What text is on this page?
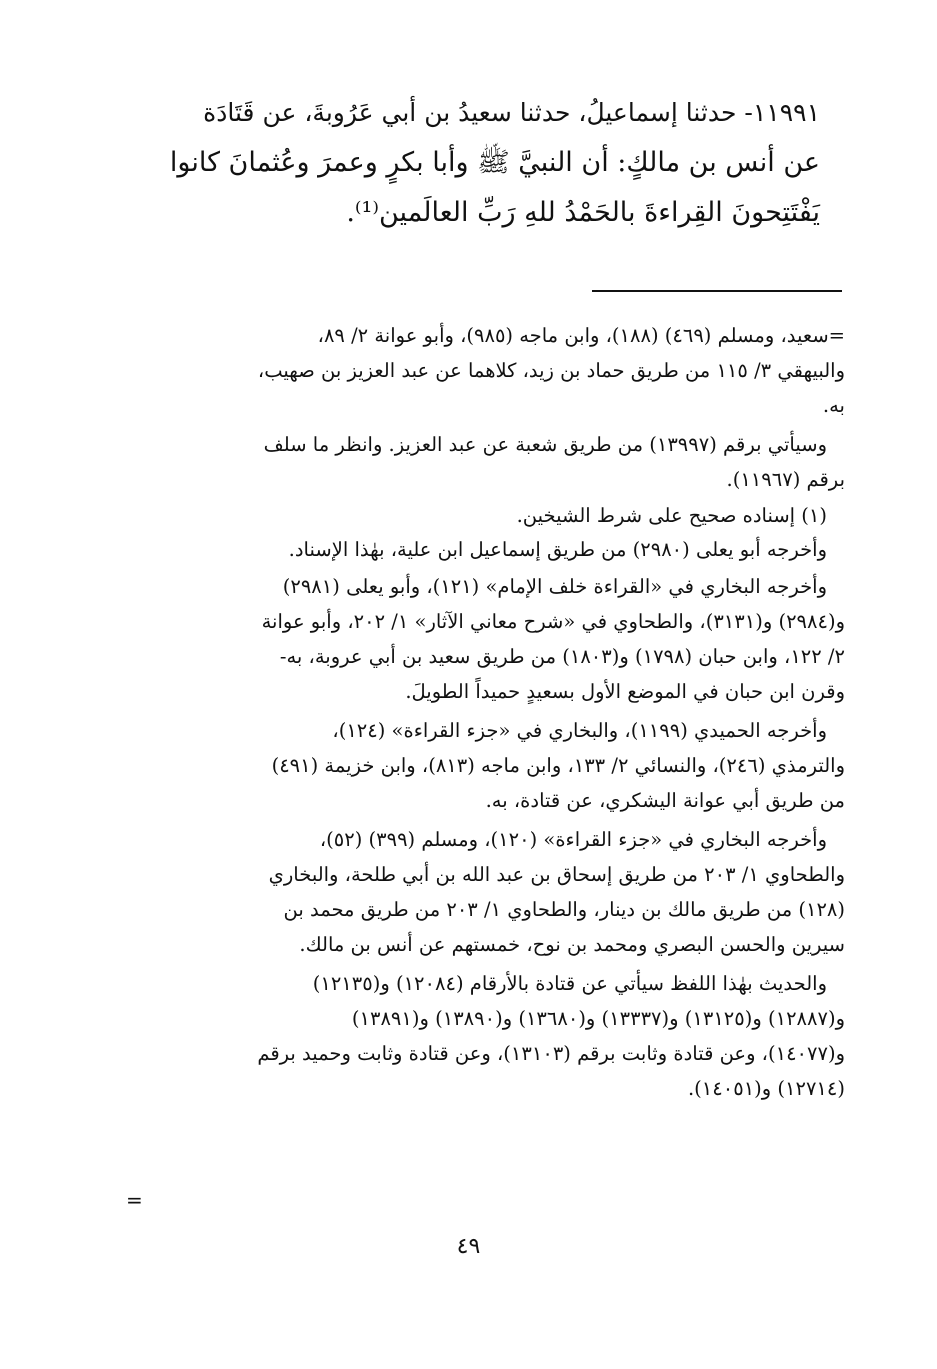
١١٩٩١- حدثنا إسماعيلُ، حدثنا سعيدُ بن أبي عَرُوبةَ، عن قَتَادَة
عن أنس بن مالكٍ: أن النبيَّ ﷺ وأبا بكرٍ وعمرَ وعُثمانَ كانوا
يَفْتَتِحونَ القِراءةَ بالحَمْدُ للهِ رَبِّ العالَمين⁽¹⁾.
=سعيد، ومسلم (٤٦٩) (١٨٨)، وابن ماجه (٩٨٥)، وأبو عوانة ٢/ ٨٩،
والبيهقي ٣/ ١١٥ من طريق حماد بن زيد، كلاهما عن عبد العزيز بن صهيب،
به.
وسيأتي برقم (١٣٩٩٧) من طريق شعبة عن عبد العزيز. وانظر ما سلف
برقم (١١٩٦٧).
(١) إسناده صحيح على شرط الشيخين.
وأخرجه أبو يعلى (٢٩٨٠) من طريق إسماعيل ابن علية، بهٰذا الإسناد.
وأخرجه البخاري في «القراءة خلف الإمام» (١٢١)، وأبو يعلى (٢٩٨١)
و(٢٩٨٤) و(٣١٣١)، والطحاوي في «شرح معاني الآثار» ١/ ٢٠٢، وأبو عوانة
٢/ ١٢٢، وابن حبان (١٧٩٨) و(١٨٠٣) من طريق سعيد بن أبي عروبة، به-
وقرن ابن حبان في الموضع الأول بسعيدٍ حميداً الطويلَ.
وأخرجه الحميدي (١١٩٩)، والبخاري في «جزء القراءة» (١٢٤)،
والترمذي (٢٤٦)، والنسائي ٢/ ١٣٣، وابن ماجه (٨١٣)، وابن خزيمة (٤٩١)
من طريق أبي عوانة اليشكري، عن قتادة، به.
وأخرجه البخاري في «جزء القراءة» (١٢٠)، ومسلم (٣٩٩) (٥٢)،
والطحاوي ١/ ٢٠٣ من طريق إسحاق بن عبد الله بن أبي طلحة، والبخاري
(١٢٨) من طريق مالك بن دينار، والطحاوي ١/ ٢٠٣ من طريق محمد بن
سيرين والحسن البصري ومحمد بن نوح، خمستهم عن أنس بن مالك.
والحديث بهٰذا اللفظ سيأتي عن قتادة بالأرقام (١٢٠٨٤) و(١٢١٣٥)
و(١٢٨٨٧) و(١٣١٢٥) و(١٣٣٣٧) و(١٣٦٨٠) و(١٣٨٩٠) و(١٣٨٩١)
و(١٤٠٧٧)، وعن قتادة وثابت برقم (١٣١٠٣)، وعن قتادة وثابت وحميد برقم
(١٢٧١٤) و(١٤٠٥١).
=
٤٩
